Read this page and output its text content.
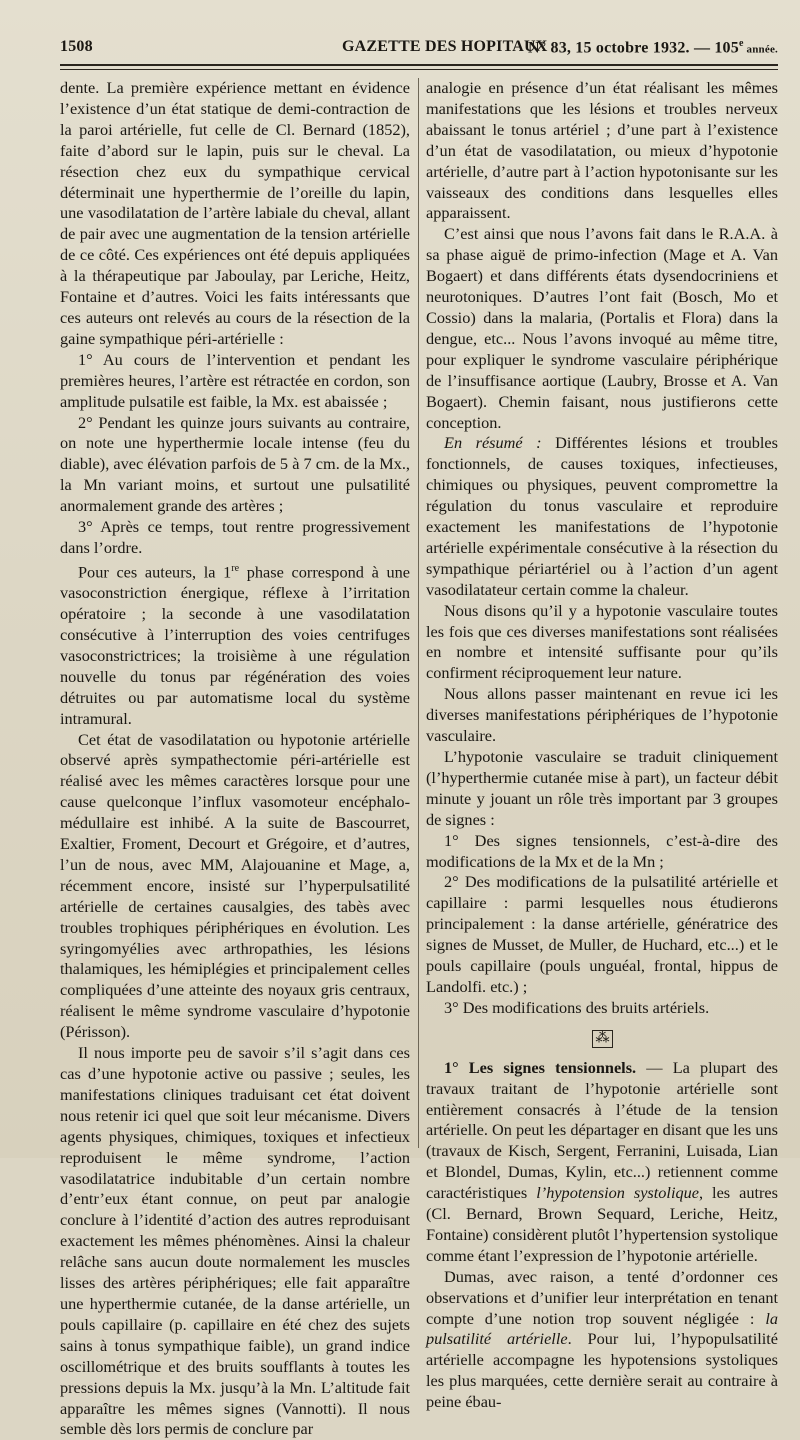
1508	GAZETTE DES HOPITAUX
N° 83, 15 octobre 1932. — 105e année.

dente. La première expérience mettant en évidence l’existence d’un état statique de demi-contraction de la paroi artérielle, fut celle de Cl. Bernard (1852), faite d’abord sur le lapin, puis sur le cheval. La résection chez eux du sympathique cervical déterminait une hyperthermie de l’oreille du lapin, une vasodilatation de l’artère labiale du cheval, allant de pair avec une augmentation de la tension artérielle de ce côté. Ces expériences ont été depuis appliquées à la thérapeutique par Jaboulay, par Leriche, Heitz, Fontaine et d’autres. Voici les faits intéressants que ces auteurs ont relevés au cours de la résection de la gaine sympathique péri-artérielle :

1° Au cours de l’intervention et pendant les premières heures, l’artère est rétractée en cordon, son amplitude pulsatile est faible, la Mx. est abaissée ;

2° Pendant les quinze jours suivants au contraire, on note une hyperthermie locale intense (feu du diable), avec élévation parfois de 5 à 7 cm. de la Mx., la Mn variant moins, et surtout une pulsatilité anormalement grande des artères ;

3° Après ce temps, tout rentre progressivement dans l’ordre.

Pour ces auteurs, la 1re phase correspond à une vasoconstriction énergique, réflexe à l’irritation opératoire ; la seconde à une vasodilatation consécutive à l’interruption des voies centrifuges vasoconstrictrices; la troisième à une régulation nouvelle du tonus par régénération des voies détruites ou par automatisme local du système intramural.

Cet état de vasodilatation ou hypotonie artérielle observé après sympathectomie péri-artérielle est réalisé avec les mêmes caractères lorsque pour une cause quelconque l’influx vasomoteur encéphalo-médullaire est inhibé. A la suite de Bascourret, Exaltier, Froment, Decourt et Grégoire, et d’autres, l’un de nous, avec MM, Alajouanine et Mage, a, récemment encore, insisté sur l’hyperpulsatilité artérielle de certaines causalgies, des tabès avec troubles trophiques périphériques en évolution. Les syringomyélies avec arthropathies, les lésions thalamiques, les hémiplégies et principalement celles compliquées d’une atteinte des noyaux gris centraux, réalisent le même syndrome vasculaire d’hypotonie (Périsson).

Il nous importe peu de savoir s’il s’agit dans ces cas d’une hypotonie active ou passive ; seules, les manifestations cliniques traduisant cet état doivent nous retenir ici quel que soit leur mécanisme. Divers agents physiques, chimiques, toxiques et infectieux reproduisent le même syndrome, l’action vasodilatatrice indubitable d’un certain nombre d’entr’eux étant connue, on peut par analogie conclure à l’identité d’action des autres reproduisant exactement les mêmes phénomènes. Ainsi la chaleur relâche sans aucun doute normalement les muscles lisses des artères périphériques; elle fait apparaître une hyperthermie cutanée, de la danse artérielle, un pouls capillaire (p. capillaire en été chez des sujets sains à tonus sympathique faible), un grand indice oscillométrique et des bruits soufflants à toutes les pressions depuis la Mx. jusqu’à la Mn. L’altitude fait apparaître les mêmes signes (Vannotti). Il nous semble dès lors permis de conclure par

analogie en présence d’un état réalisant les mêmes manifestations que les lésions et troubles nerveux abaissant le tonus artériel ; d’une part à l’existence d’un état de vasodilatation, ou mieux d’hypotonie artérielle, d’autre part à l’action hypotonisante sur les vaisseaux des conditions dans lesquelles elles apparaissent.

C’est ainsi que nous l’avons fait dans le R.A.A. à sa phase aiguë de primo-infection (Mage et A. Van Bogaert) et dans différents états dysendocriniens et neurotoniques. D’autres l’ont fait (Bosch, Mo et Cossio) dans la malaria, (Portalis et Flora) dans la dengue, etc... Nous l’avons invoqué au même titre, pour expliquer le syndrome vasculaire périphérique de l’insuffisance aortique (Laubry, Brosse et A. Van Bogaert). Chemin faisant, nous justifierons cette conception.

En résumé : Différentes lésions et troubles fonctionnels, de causes toxiques, infectieuses, chimiques ou physiques, peuvent compromettre la régulation du tonus vasculaire et reproduire exactement les manifestations de l’hypotonie artérielle expérimentale consécutive à la résection du sympathique périartériel ou à l’action d’un agent vasodilatateur certain comme la chaleur.

Nous disons qu’il y a hypotonie vasculaire toutes les fois que ces diverses manifestations sont réalisées en nombre et intensité suffisante pour qu’ils confirment réciproquement leur nature.

Nous allons passer maintenant en revue ici les diverses manifestations périphériques de l’hypotonie vasculaire.

L’hypotonie vasculaire se traduit cliniquement (l’hyperthermie cutanée mise à part), un facteur débit minute y jouant un rôle très important par 3 groupes de signes :

1° Des signes tensionnels, c’est-à-dire des modifications de la Mx et de la Mn ;

2° Des modifications de la pulsatilité artérielle et capillaire : parmi lesquelles nous étudierons principalement : la danse artérielle, génératrice des signes de Musset, de Muller, de Huchard, etc...) et le pouls capillaire (pouls unguéal, frontal, hippus de Landolfi. etc.) ;

3° Des modifications des bruits artériels.

⁂

1° Les signes tensionnels. — La plupart des travaux traitant de l’hypotonie artérielle sont entièrement consacrés à l’étude de la tension artérielle. On peut les départager en disant que les uns (travaux de Kisch, Sergent, Ferranini, Luisada, Lian et Blondel, Dumas, Kylin, etc...) retiennent comme caractéristiques l’hypotension systolique, les autres (Cl. Bernard, Brown Sequard, Leriche, Heitz, Fontaine) considèrent plutôt l’hypertension systolique comme étant l’expression de l’hypotonie artérielle.

Dumas, avec raison, a tenté d’ordonner ces observations et d’unifier leur interprétation en tenant compte d’une notion trop souvent négligée : la pulsatilité artérielle. Pour lui, l’hypopulsatilité artérielle accompagne les hypotensions systoliques les plus marquées, cette dernière serait au contraire à peine ébau-
